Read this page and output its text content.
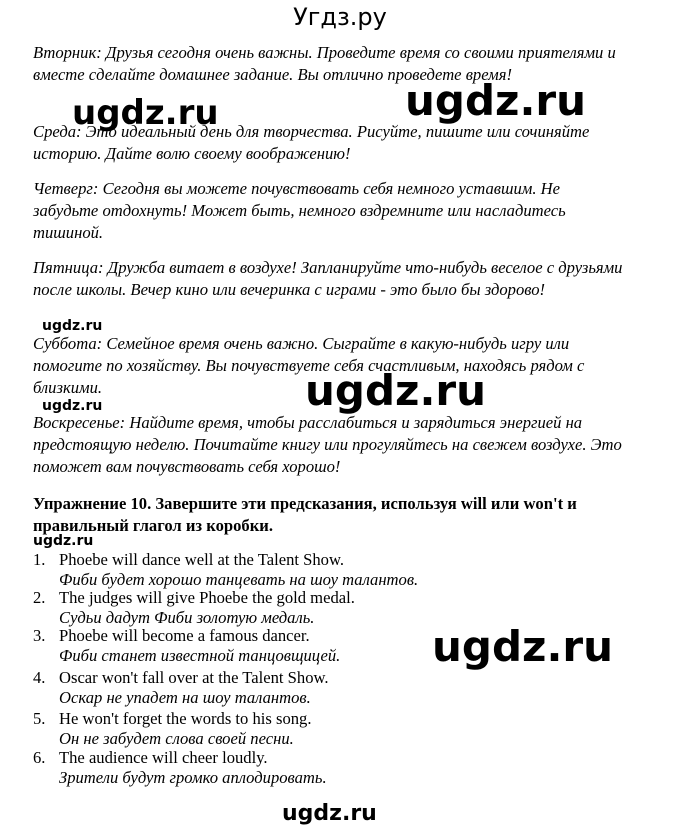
Угдз.ру

Вторник: Друзья сегодня очень важны. Проведите время со своими приятелями и вместе сделайте домашнее задание. Вы отлично проведете время!

Среда: Это идеальный день для творчества. Рисуйте, пишите или сочиняйте историю. Дайте волю своему воображению!

Четверг: Сегодня вы можете почувствовать себя немного уставшим. Не забудьте отдохнуть! Может быть, немного вздремните или насладитесь тишиной.

Пятница: Дружба витает в воздухе! Запланируйте что-нибудь веселое с друзьями после школы. Вечер кино или вечеринка с играми - это было бы здорово!

Суббота: Семейное время очень важно. Сыграйте в какую-нибудь игру или помогите по хозяйству. Вы почувствуете себя счастливым, находясь рядом с близкими.

Воскресенье: Найдите время, чтобы расслабиться и зарядиться энергией на предстоящую неделю. Почитайте книгу или прогуляйтесь на свежем воздухе. Это поможет вам почувствовать себя хорошо!

Упражнение 10. Завершите эти предсказания, используя will или won't и правильный глагол из коробки.

1. Phoebe will dance well at the Talent Show.
Фиби будет хорошо танцевать на шоу талантов.
2. The judges will give Phoebe the gold medal.
Судьи дадут Фиби золотую медаль.
3. Phoebe will become a famous dancer.
Фиби станет известной танцовщицей.
4. Oscar won't fall over at the Talent Show.
Оскар не упадет на шоу талантов.
5. He won't forget the words to his song.
Он не забудет слова своей песни.
6. The audience will cheer loudly.
Зрители будут громко аплодировать.
ugdz.ru	ugdz.ru
ugdz.ru
ugdz.ru
ugdz.ru
ugdz.ru
ugdz.ru
ugdz.ru
